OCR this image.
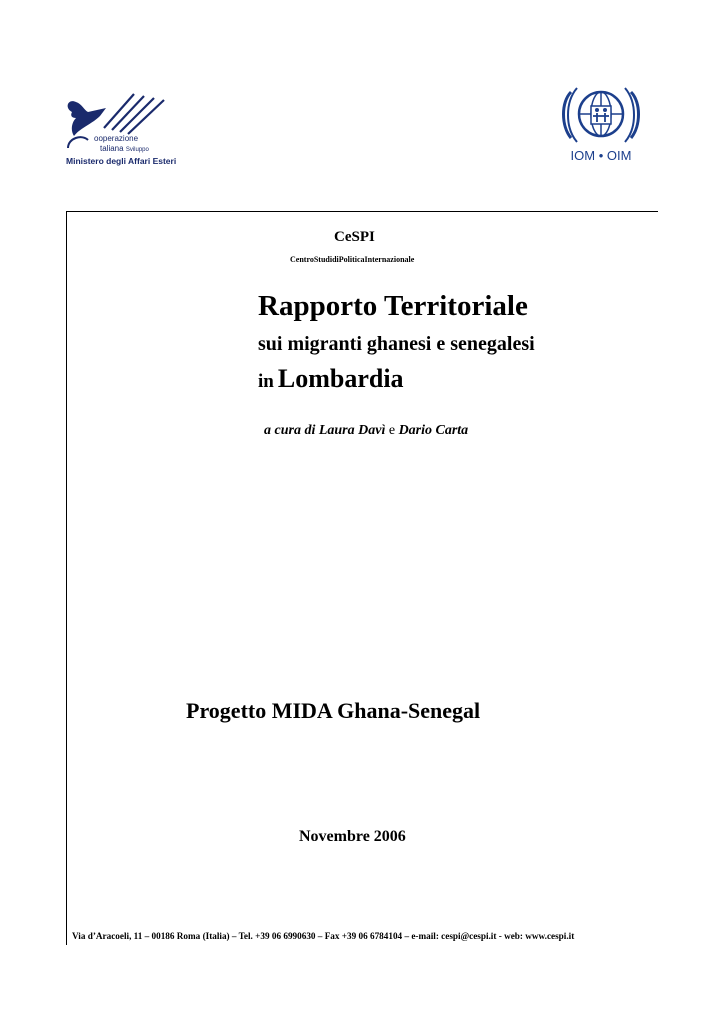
ooperazione
taliana Sviluppo
Ministero degli Affari Esteri	IOM • OIM
CeSPI
CentroStudidiPoliticaInternazionale
Rapporto Territoriale
sui migranti ghanesi e senegalesi
in Lombardia
a cura di Laura Davì e Dario Carta
Progetto MIDA Ghana-Senegal
Novembre 2006
Via d’Aracoeli, 11 – 00186 Roma (Italia) – Tel. +39 06 6990630 – Fax +39 06 6784104 – e-mail: cespi@cespi.it - web: www.cespi.it
